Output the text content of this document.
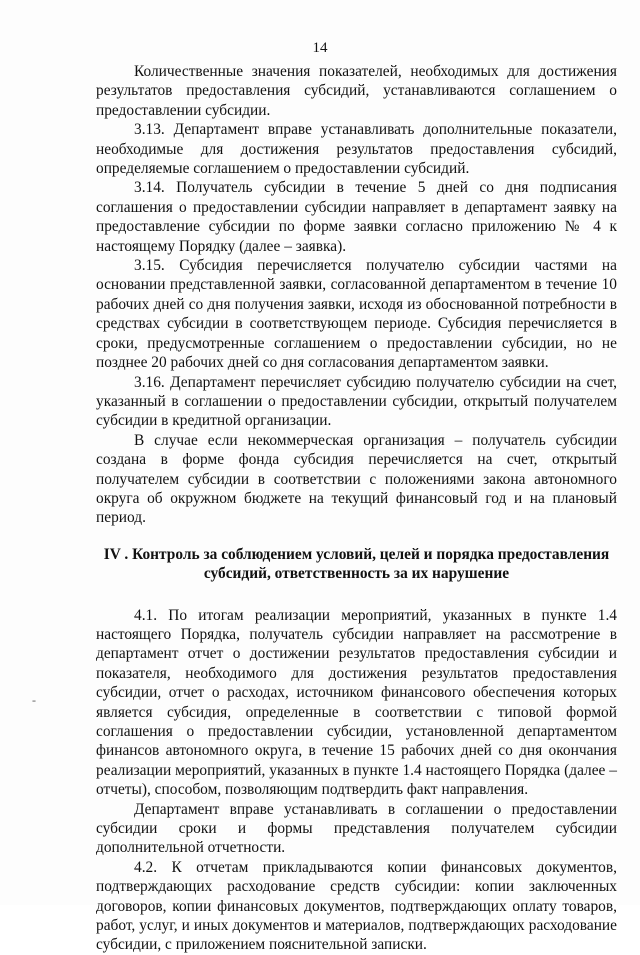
14

Количественные значения показателей, необходимых для достижения результатов предоставления субсидий, устанавливаются соглашением о предоставлении субсидии.

3.13. Департамент вправе устанавливать дополнительные показатели, необходимые для достижения результатов предоставления субсидий, определяемые соглашением о предоставлении субсидий.

3.14. Получатель субсидии в течение 5 дней со дня подписания соглашения о предоставлении субсидии направляет в департамент заявку на предоставление субсидии по форме заявки согласно приложению № 4 к настоящему Порядку (далее – заявка).

3.15. Субсидия перечисляется получателю субсидии частями на основании представленной заявки, согласованной департаментом в течение 10 рабочих дней со дня получения заявки, исходя из обоснованной потребности в средствах субсидии в соответствующем периоде. Субсидия перечисляется в сроки, предусмотренные соглашением о предоставлении субсидии, но не позднее 20 рабочих дней со дня согласования департаментом заявки.

3.16. Департамент перечисляет субсидию получателю субсидии на счет, указанный в соглашении о предоставлении субсидии, открытый получателем субсидии в кредитной организации.

В случае если некоммерческая организация – получатель субсидии создана в форме фонда субсидия перечисляется на счет, открытый получателем субсидии в соответствии с положениями закона автономного округа об окружном бюджете на текущий финансовый год и на плановый период.

IV . Контроль за соблюдением условий, целей и порядка предоставления субсидий, ответственность за их нарушение

4.1. По итогам реализации мероприятий, указанных в пункте 1.4 настоящего Порядка, получатель субсидии направляет на рассмотрение в департамент отчет о достижении результатов предоставления субсидии и показателя, необходимого для достижения результатов предоставления субсидии, отчет о расходах, источником финансового обеспечения которых является субсидия, определенные в соответствии с типовой формой соглашения о предоставлении субсидии, установленной департаментом финансов автономного округа, в течение 15 рабочих дней со дня окончания реализации мероприятий, указанных в пункте 1.4 настоящего Порядка (далее – отчеты), способом, позволяющим подтвердить факт направления.

Департамент вправе устанавливать в соглашении о предоставлении субсидии сроки и формы представления получателем субсидии дополнительной отчетности.

4.2. К отчетам прикладываются копии финансовых документов, подтверждающих расходование средств субсидии: копии заключенных договоров, копии финансовых документов, подтверждающих оплату товаров, работ, услуг, и иных документов и материалов, подтверждающих расходование субсидии, с приложением пояснительной записки.

-
